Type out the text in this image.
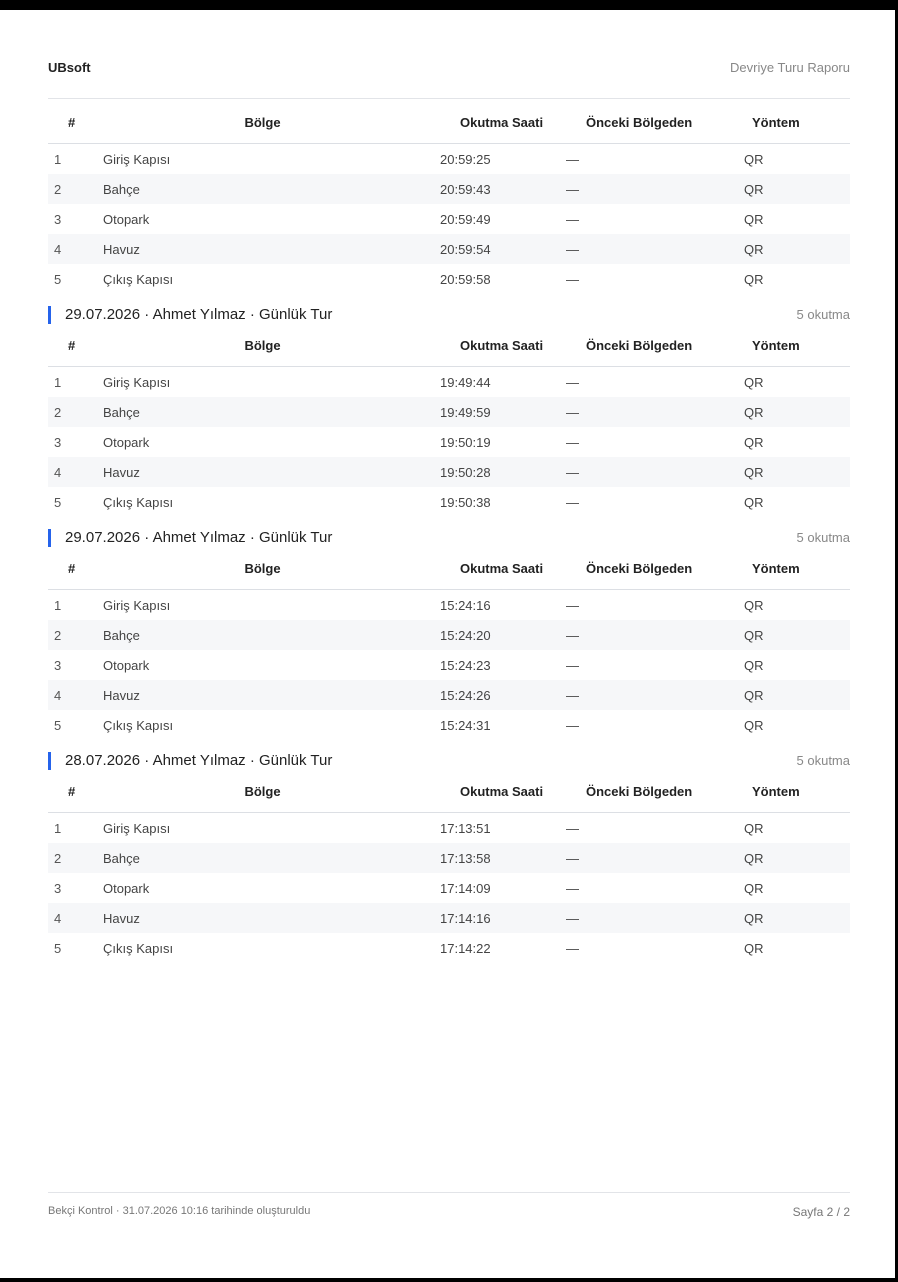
UBsoft	Devriye Turu Raporu
#	Bölge	Okutma Saati	Önceki Bölgeden	Yöntem
1	Giriş Kapısı	20:59:25	—	QR
2	Bahçe	20:59:43	—	QR
3	Otopark	20:59:49	—	QR
4	Havuz	20:59:54	—	QR
5	Çıkış Kapısı	20:59:58	—	QR
29.07.2026 · Ahmet Yılmaz · Günlük Tur	5 okutma
#	Bölge	Okutma Saati	Önceki Bölgeden	Yöntem
1	Giriş Kapısı	19:49:44	—	QR
2	Bahçe	19:49:59	—	QR
3	Otopark	19:50:19	—	QR
4	Havuz	19:50:28	—	QR
5	Çıkış Kapısı	19:50:38	—	QR
29.07.2026 · Ahmet Yılmaz · Günlük Tur	5 okutma
#	Bölge	Okutma Saati	Önceki Bölgeden	Yöntem
1	Giriş Kapısı	15:24:16	—	QR
2	Bahçe	15:24:20	—	QR
3	Otopark	15:24:23	—	QR
4	Havuz	15:24:26	—	QR
5	Çıkış Kapısı	15:24:31	—	QR
28.07.2026 · Ahmet Yılmaz · Günlük Tur	5 okutma
#	Bölge	Okutma Saati	Önceki Bölgeden	Yöntem
1	Giriş Kapısı	17:13:51	—	QR
2	Bahçe	17:13:58	—	QR
3	Otopark	17:14:09	—	QR
4	Havuz	17:14:16	—	QR
5	Çıkış Kapısı	17:14:22	—	QR
Bekçi Kontrol · 31.07.2026 10:16 tarihinde oluşturuldu	Sayfa 2 / 2
